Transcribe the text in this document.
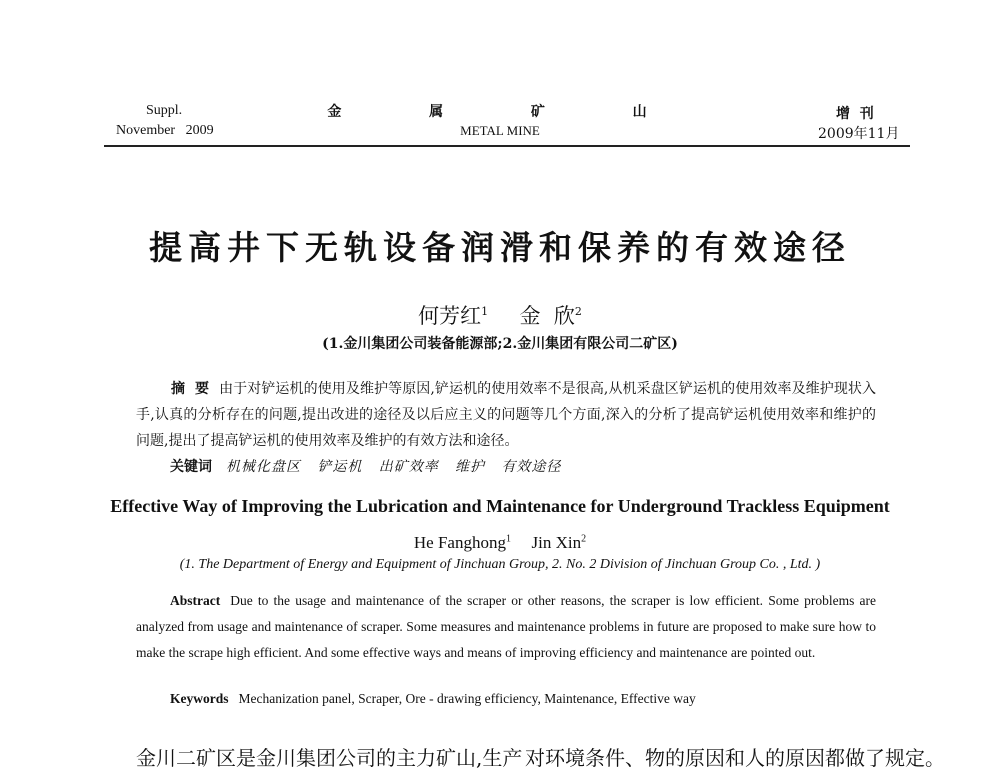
Suppl.
November   2009
金  属  矿  山
METAL MINE
增  刊
2009年11月
提高井下无轨设备润滑和保养的有效途径
何芳红$^1$ 金  欣$^2$
(1.金川集团公司装备能源部;2.金川集团有限公司二矿区)
摘  要 由于对铲运机的使用及维护等原因,铲运机的使用效率不是很高,从机采盘区铲运机的使用效率及维护现状入手,认真的分析存在的问题,提出改进的途径及以后应主义的问题等几个方面,深入的分析了提高铲运机使用效率和维护的问题,提出了提高铲运机的使用效率及维护的有效方法和途径。
关键词 机械化盘区   铲运机   出矿效率   维护   有效途径
Effective Way of Improving the Lubrication and Maintenance for Underground Trackless Equipment
He Fanghong$^1$ Jin Xin$^2$
(1. The Department of Energy and Equipment of Jinchuan Group, 2. No. 2 Division of Jinchuan Group Co. , Ltd. )
Abstract Due to the usage and maintenance of the scraper or other reasons, the scraper is low efficient. Some problems are analyzed from usage and maintenance of scraper. Some measures and maintenance problems in future are proposed to make sure how to make the scrape high efficient. And some effective ways and means of improving efficiency and maintenance are pointed out.
Keywords Mechanization panel, Scraper, Ore - drawing efficiency, Maintenance, Effective way
金川二矿区是金川集团公司的主力矿山,生产 对环境条件、物的原因和人的原因都做了规定。
